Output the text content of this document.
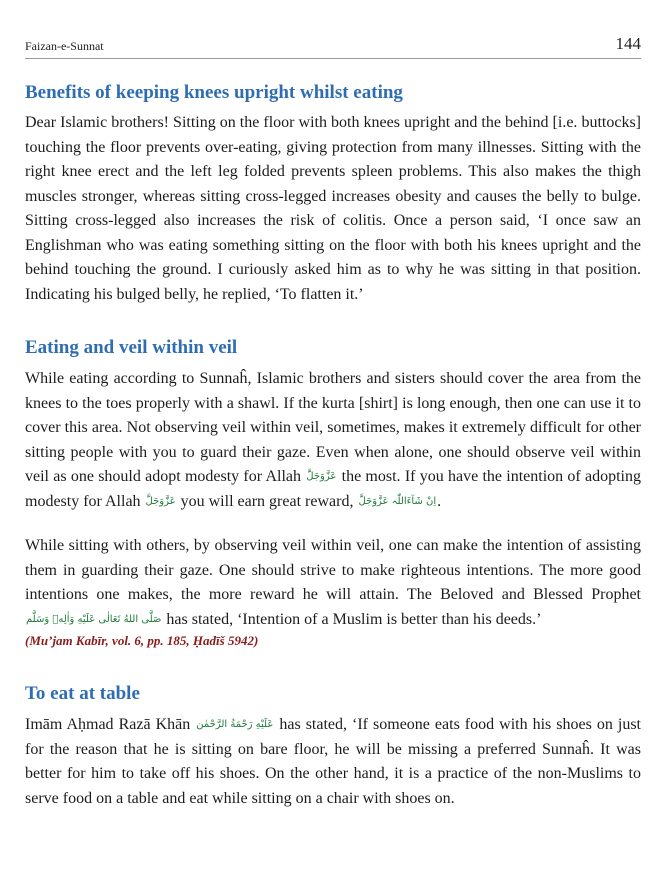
Faizan-e-Sunnat	144
Benefits of keeping knees upright whilst eating

Dear Islamic brothers! Sitting on the floor with both knees upright and the behind [i.e. buttocks] touching the floor prevents over-eating, giving protection from many illnesses. Sitting with the right knee erect and the left leg folded prevents spleen problems. This also makes the thigh muscles stronger, whereas sitting cross-legged increases obesity and causes the belly to bulge. Sitting cross-legged also increases the risk of colitis. Once a person said, ‘I once saw an Englishman who was eating something sitting on the floor with both his knees upright and the behind touching the ground. I curiously asked him as to why he was sitting in that position. Indicating his bulged belly, he replied, ‘To flatten it.’

Eating and veil within veil

While eating according to Sunnaĥ, Islamic brothers and sisters should cover the area from the knees to the toes properly with a shawl. If the kurta [shirt] is long enough, then one can use it to cover this area. Not observing veil within veil, sometimes, makes it extremely difficult for other sitting people with you to guard their gaze. Even when alone, one should observe veil within veil as one should adopt modesty for Allah عَزَّوَجَلَّ the most. If you have the intention of adopting modesty for Allah عَزَّوَجَلَّ you will earn great reward, اِنْ شَآءَاللّٰہ عَزَّوَجَلَّ.

While sitting with others, by observing veil within veil, one can make the intention of assisting them in guarding their gaze. One should strive to make righteous intentions. The more good intentions one makes, the more reward he will attain. The Beloved and Blessed Prophet صَلَّى اللهُ تَعَالٰى عَلَيْهِ وَاٰلِهٖ وَسَلَّم has stated, ‘Intention of a Muslim is better than his deeds.’

(Mu’jam Kabīr, vol. 6, pp. 185, Ḥadīš 5942)
To eat at table

Imām Aḥmad Razā Khān عَلَيْهِ رَحْمَةُ الرَّحْمٰن has stated, ‘If someone eats food with his shoes on just for the reason that he is sitting on bare floor, he will be missing a preferred Sunnaĥ. It was better for him to take off his shoes. On the other hand, it is a practice of the non-Muslims to serve food on a table and eat while sitting on a chair with shoes on.
